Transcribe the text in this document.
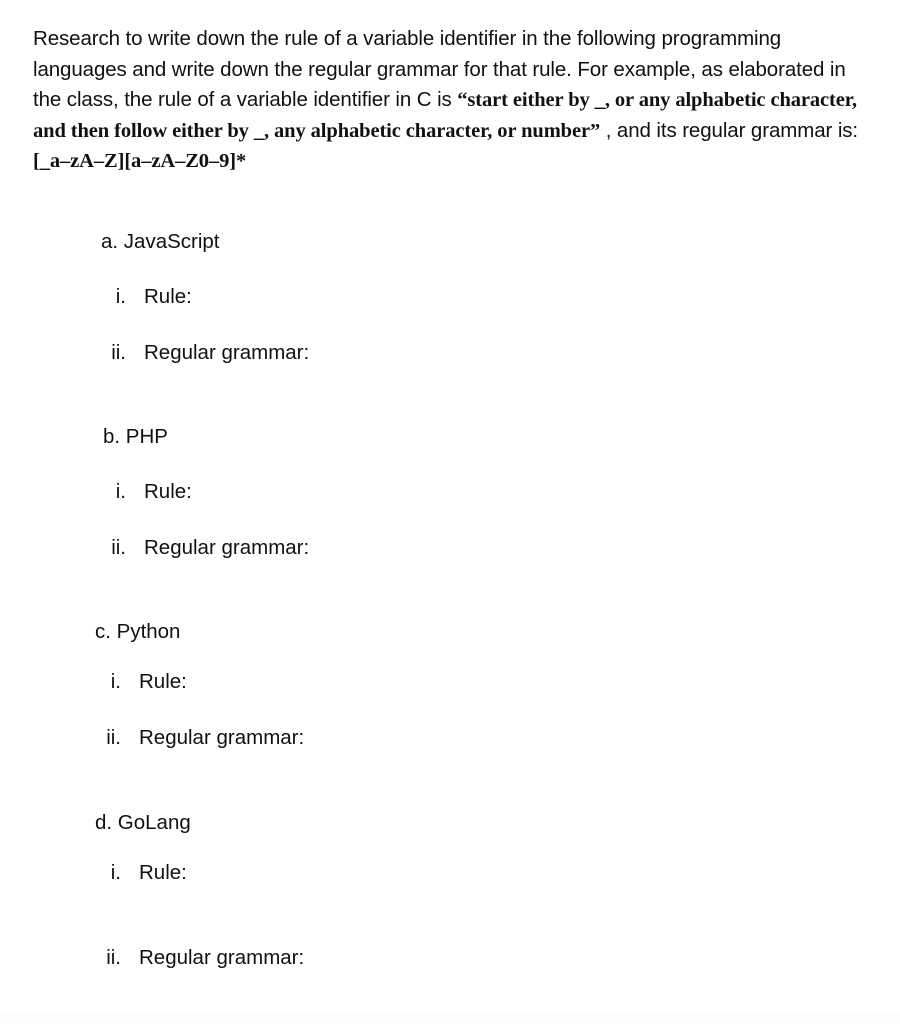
Research to write down the rule of a variable identifier in the following programming languages and write down the regular grammar for that rule. For example, as elaborated in the class, the rule of a variable identifier in C is “start either by _, or any alphabetic character, and then follow either by _, any alphabetic character, or number” , and its regular grammar is: [_a–zA–Z][a–zA–Z0–9]*

a. JavaScript
i. Rule:
ii. Regular grammar:
b. PHP
i. Rule:
ii. Regular grammar:
c. Python
i. Rule:
ii. Regular grammar:
d. GoLang
i. Rule:
ii. Regular grammar:
